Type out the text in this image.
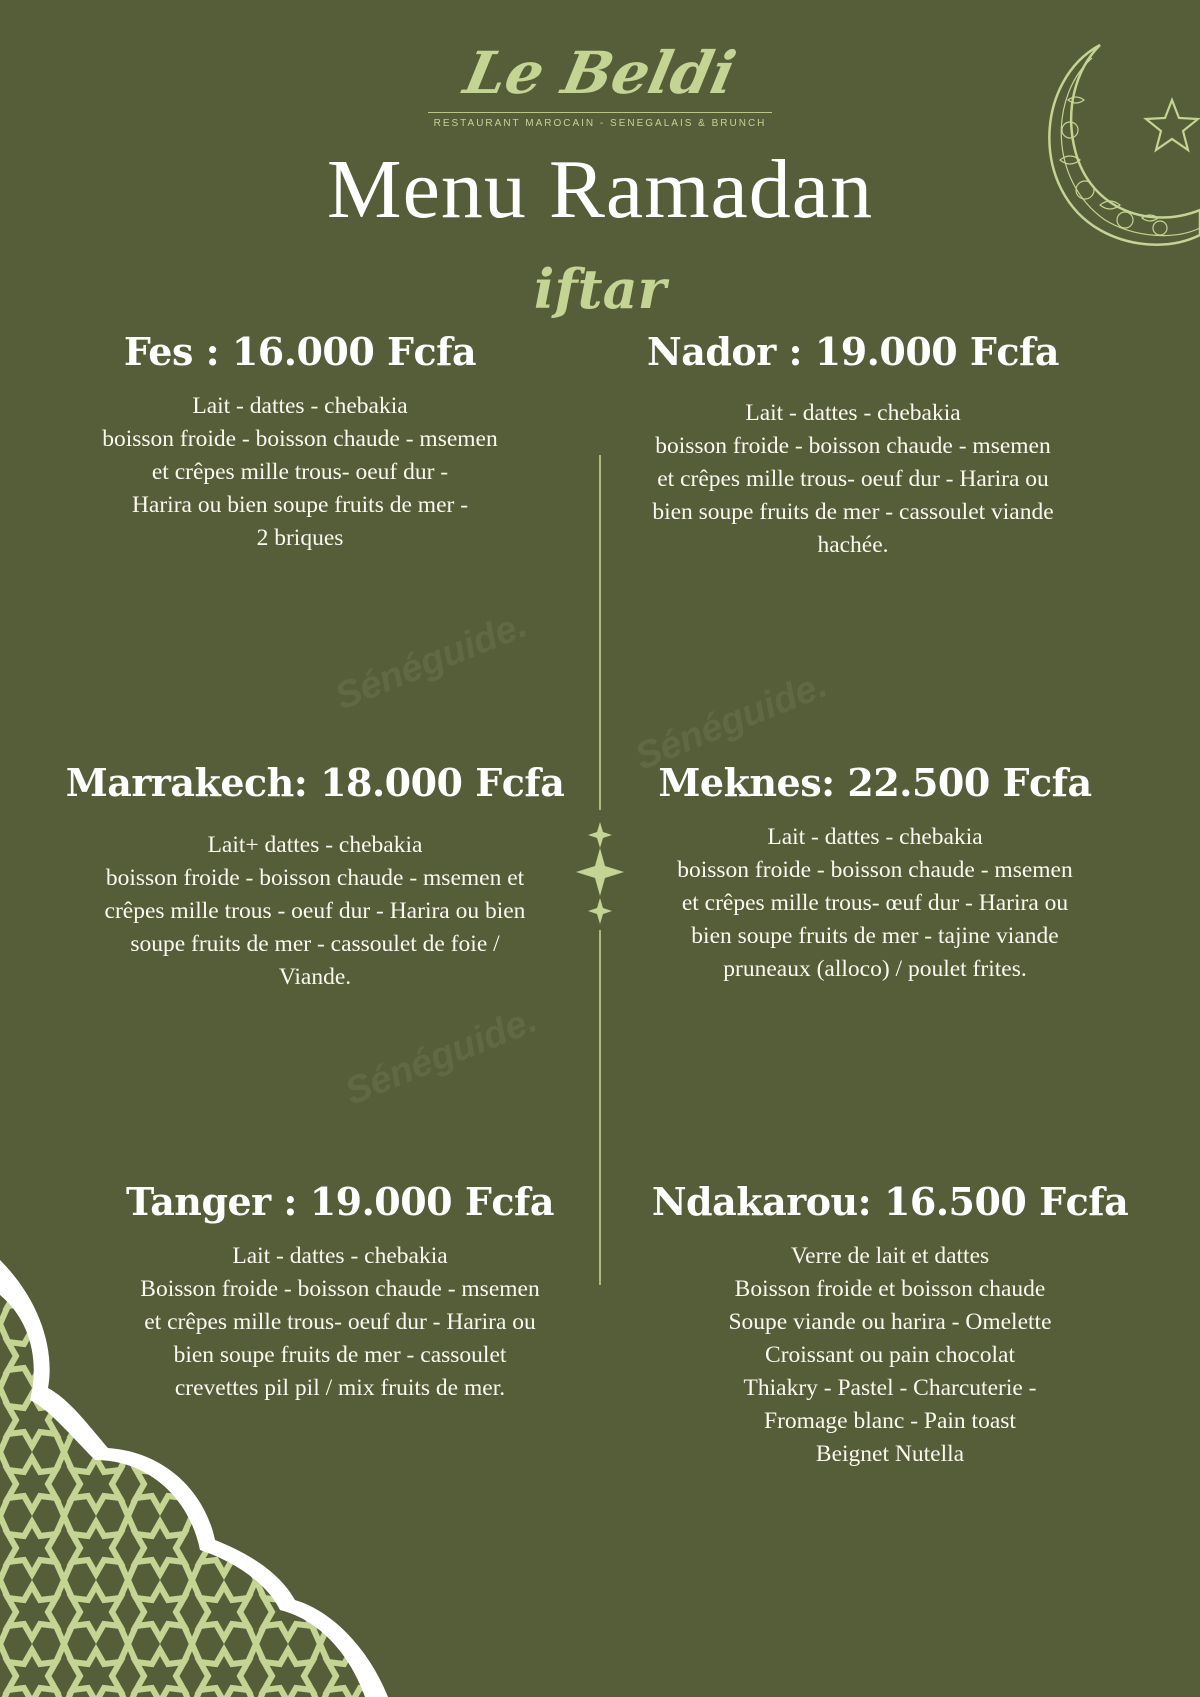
Le Beldi
RESTAURANT MAROCAIN - SENEGALAIS & BRUNCH
Menu Ramadan
iftar
Sénéguide.
Sénéguide.
Sénéguide.
Fes : 16.000 Fcfa
Lait - dattes - chebakia
boisson froide - boisson chaude - msemen
et crêpes mille trous- oeuf dur -
Harira ou bien soupe fruits de mer -
2 briques
Nador : 19.000 Fcfa
Lait - dattes - chebakia
boisson froide - boisson chaude - msemen
et crêpes mille trous- oeuf dur - Harira ou
bien soupe fruits de mer - cassoulet viande
hachée.
Marrakech: 18.000 Fcfa
Lait+ dattes - chebakia
boisson froide - boisson chaude - msemen et
crêpes mille trous - oeuf dur - Harira ou bien
soupe fruits de mer - cassoulet de foie /
Viande.
Meknes: 22.500 Fcfa
Lait - dattes - chebakia
boisson froide - boisson chaude - msemen
et crêpes mille trous- œuf dur - Harira ou
bien soupe fruits de mer - tajine viande
pruneaux (alloco) / poulet frites.
Tanger : 19.000 Fcfa
Lait - dattes - chebakia
Boisson froide - boisson chaude - msemen
et crêpes mille trous- oeuf dur - Harira ou
bien soupe fruits de mer - cassoulet
crevettes pil pil / mix fruits de mer.
Ndakarou: 16.500 Fcfa
Verre de lait et dattes
Boisson froide et boisson chaude
Soupe viande ou harira - Omelette
Croissant ou pain chocolat
Thiakry - Pastel - Charcuterie -
Fromage blanc - Pain toast
Beignet Nutella
